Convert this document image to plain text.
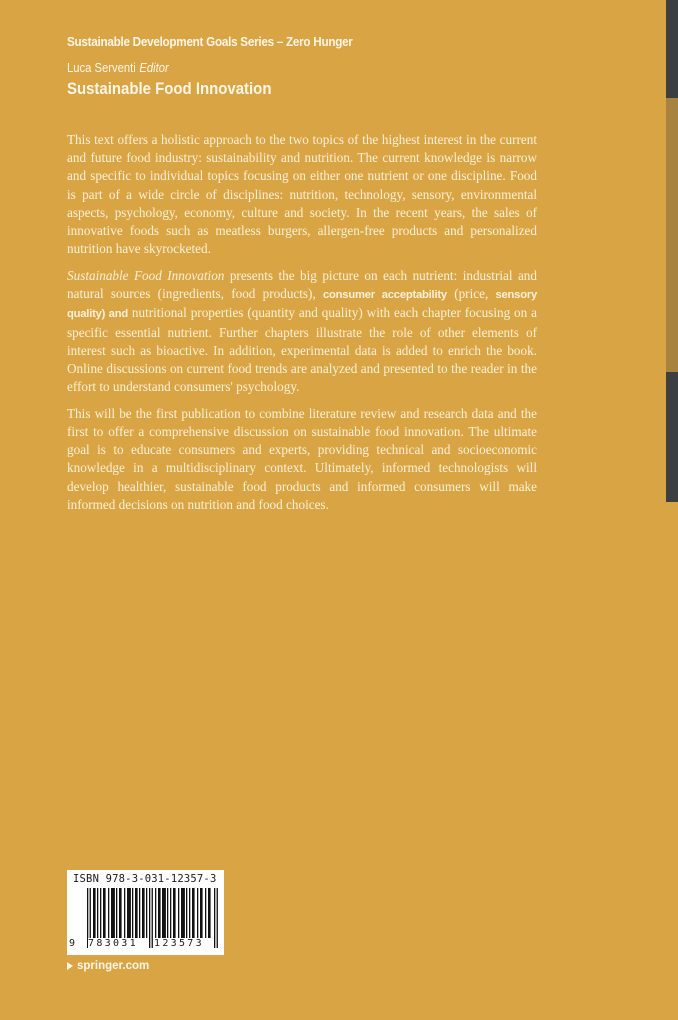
Sustainable Development Goals Series – Zero Hunger
Luca Serventi Editor
Sustainable Food Innovation

This text offers a holistic approach to the two topics of the highest interest in the current and future food industry: sustainability and nutrition. The current knowledge is narrow and specific to individual topics focusing on either one nutrient or one discipline. Food is part of a wide circle of disciplines: nutrition, technology, sensory, environmental aspects, psychology, economy, culture and society. In the recent years, the sales of innovative foods such as meatless burgers, allergen-free products and personalized nutrition have skyrocketed.

Sustainable Food Innovation presents the big picture on each nutrient: industrial and natural sources (ingredients, food products), consumer acceptability (price, sensory quality) and nutritional properties (quantity and quality) with each chapter focusing on a specific essential nutrient. Further chapters illustrate the role of other elements of interest such as bioactive. In addition, experimental data is added to enrich the book. Online discussions on current food trends are analyzed and presented to the reader in the effort to understand consumers' psychology.

This will be the first publication to combine literature review and research data and the first to offer a comprehensive discussion on sustainable food innovation. The ultimate goal is to educate consumers and experts, providing technical and socioeconomic knowledge in a multidisciplinary context. Ultimately, informed technologists will develop healthier, sustainable food products and informed consumers will make informed decisions on nutrition and food choices.

ISBN 978-3-031-12357-3
9 783031 123573
springer.com
